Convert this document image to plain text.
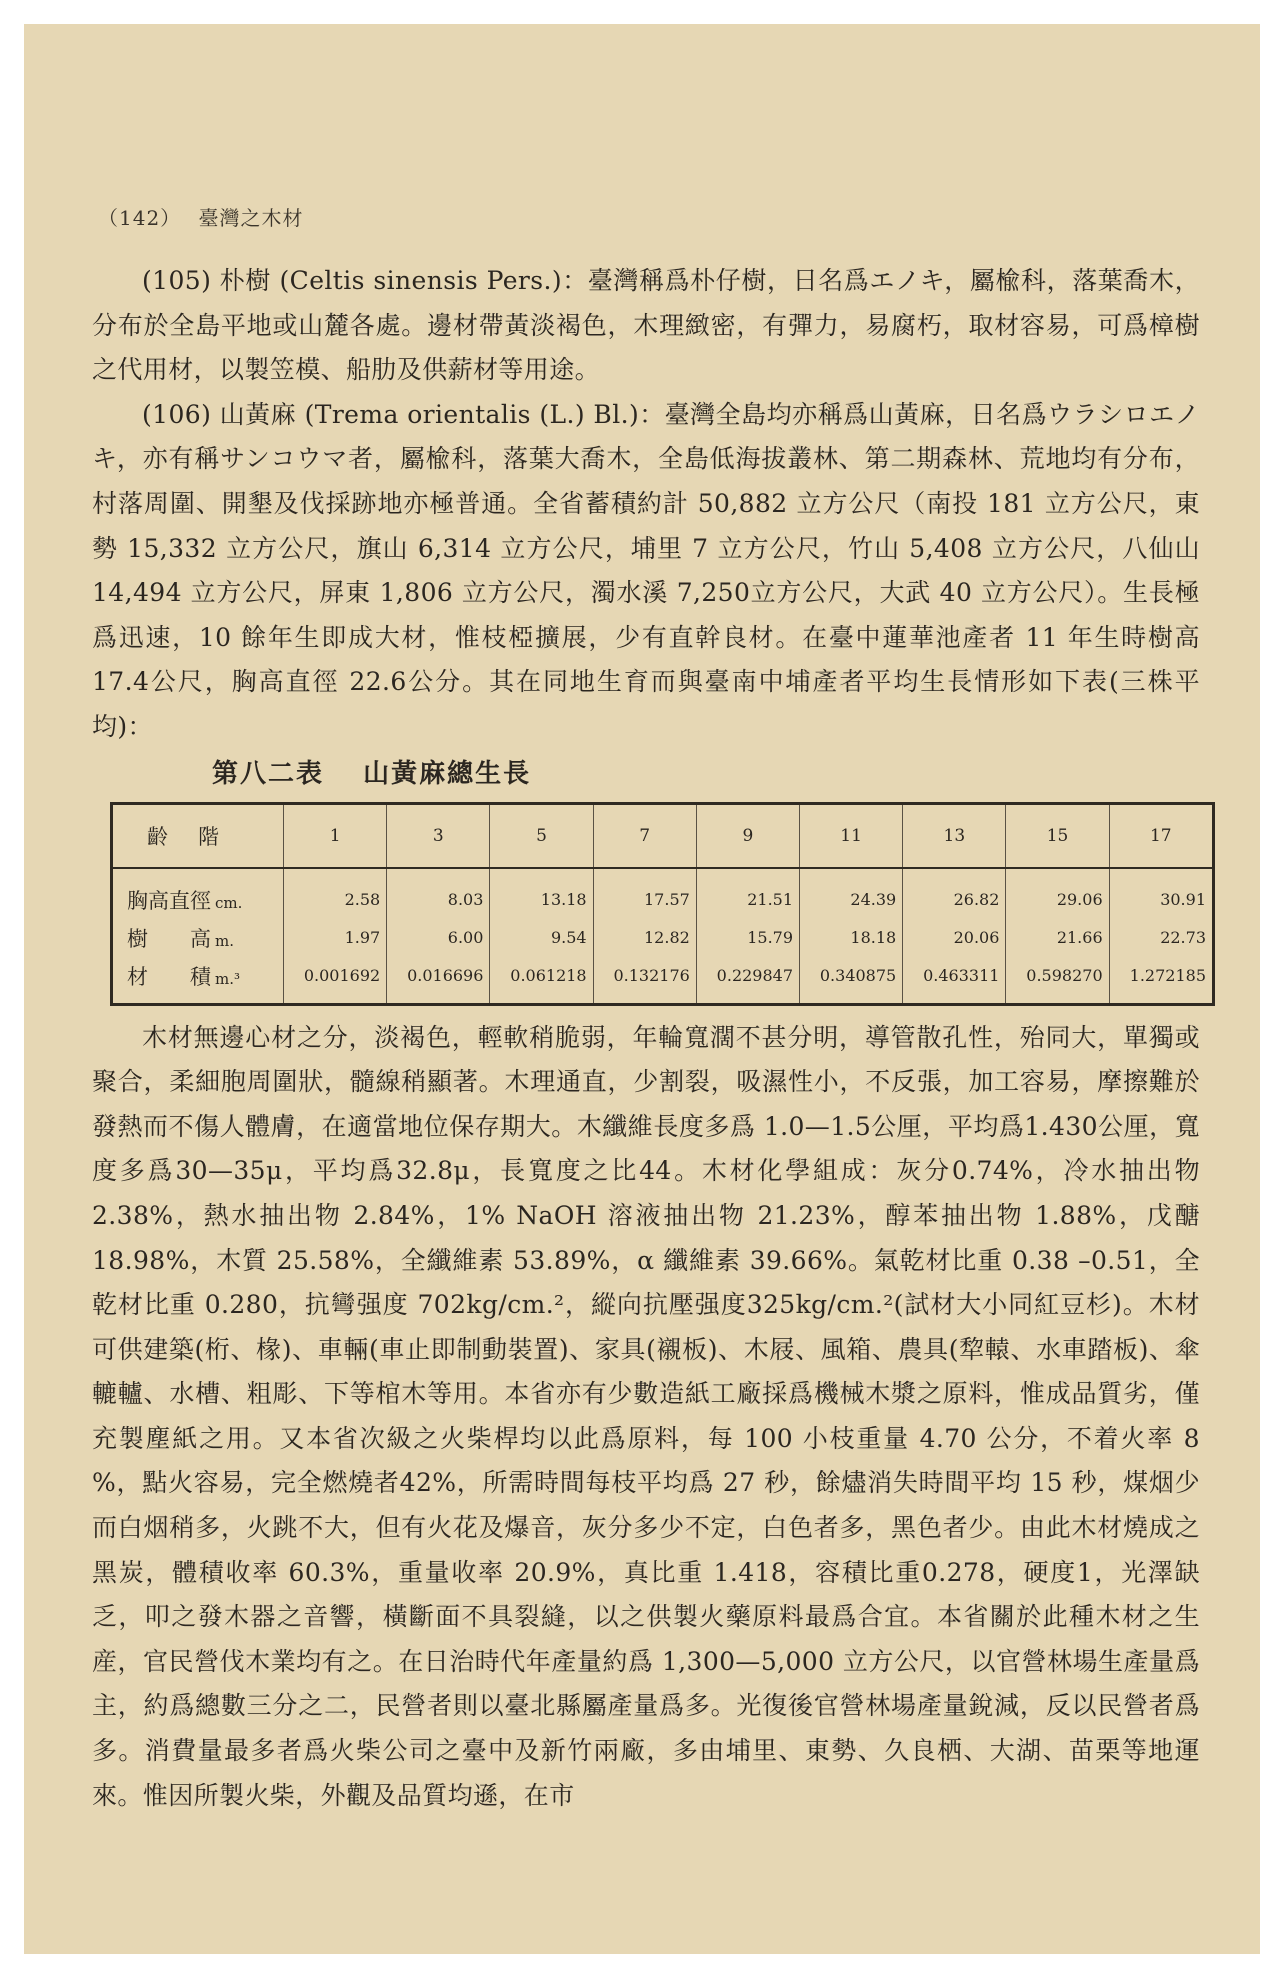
（142） 臺灣之木材

(105) 朴樹 (Celtis sinensis Pers.)：臺灣稱爲朴仔樹，日名爲エノキ，屬楡科，落葉喬木，分布於全島平地或山麓各處。邊材帶黃淡褐色，木理緻密，有彈力，易腐朽，取材容易，可爲樟樹之代用材，以製笠模、船肋及供薪材等用途。

(106) 山黃麻 (Trema orientalis (L.) Bl.)：臺灣全島均亦稱爲山黃麻，日名爲ウラシロエノキ，亦有稱サンコウマ者，屬楡科，落葉大喬木，全島低海拔叢林、第二期森林、荒地均有分布，村落周圍、開墾及伐採跡地亦極普通。全省蓄積約計 50,882 立方公尺（南投 181 立方公尺，東勢 15,332 立方公尺，旗山 6,314 立方公尺，埔里 7 立方公尺，竹山 5,408 立方公尺，八仙山 14,494 立方公尺，屏東 1,806 立方公尺，濁水溪 7,250立方公尺，大武 40 立方公尺）。生長極爲迅速，10 餘年生即成大材，惟枝椏擴展，少有直幹良材。在臺中蓮華池產者 11 年生時樹高 17.4公尺，胸高直徑 22.6公分。其在同地生育而與臺南中埔產者平均生長情形如下表(三株平均)：

第八二表 山黃麻總生長
齡階	1	3	5	7	9	11	13	15	17
胸高直徑 cm.	2.58	8.03	13.18	17.57	21.51	24.39	26.82	29.06	30.91
樹　　高 m.	1.97	6.00	9.54	12.82	15.79	18.18	20.06	21.66	22.73
材　　積 m.³	0.001692	0.016696	0.061218	0.132176	0.229847	0.340875	0.463311	0.598270	1.272185

木材無邊心材之分，淡褐色，輕軟稍脆弱，年輪寬濶不甚分明，導管散孔性，殆同大，單獨或聚合，柔細胞周圍狀，髓線稍顯著。木理通直，少割裂，吸濕性小，不反張，加工容易，摩擦難於發熱而不傷人體膚，在適當地位保存期大。木纖維長度多爲 1.0—1.5公厘，平均爲1.430公厘，寬度多爲30—35μ，平均爲32.8μ，長寬度之比44。木材化學組成：灰分0.74%，冷水抽出物 2.38%，熱水抽出物 2.84%，1% NaOH 溶液抽出物 21.23%，醇苯抽出物 1.88%，戊醣 18.98%，木質 25.58%，全纖維素 53.89%，α 纖維素 39.66%。氣乾材比重 0.38 –0.51，全乾材比重 0.280，抗彎强度 702kg/cm.²，縱向抗壓强度325kg/cm.²(試材大小同紅豆杉)。木材可供建築(桁、椽)、車輛(車止即制動裝置)、家具(襯板)、木屐、風箱、農具(犂轅、水車踏板)、傘轆轤、水槽、粗彫、下等棺木等用。本省亦有少數造紙工廠採爲機械木漿之原料，惟成品質劣，僅充製塵紙之用。又本省次級之火柴桿均以此爲原料，每 100 小枝重量 4.70 公分，不着火率 8 %，點火容易，完全燃燒者42%，所需時間每枝平均爲 27 秒，餘燼消失時間平均 15 秒，煤烟少而白烟稍多，火跳不大，但有火花及爆音，灰分多少不定，白色者多，黑色者少。由此木材燒成之黑炭，體積收率 60.3%，重量收率 20.9%，真比重 1.418，容積比重0.278，硬度1，光澤缺乏，叩之發木器之音響，橫斷面不具裂縫，以之供製火藥原料最爲合宜。本省關於此種木材之生産，官民營伐木業均有之。在日治時代年產量約爲 1,300—5,000 立方公尺，以官營林場生產量爲主，約爲總數三分之二，民營者則以臺北縣屬產量爲多。光復後官營林場產量銳減，反以民營者爲多。消費量最多者爲火柴公司之臺中及新竹兩廠，多由埔里、東勢、久良栖、大湖、苗栗等地運來。惟因所製火柴，外觀及品質均遜，在市
